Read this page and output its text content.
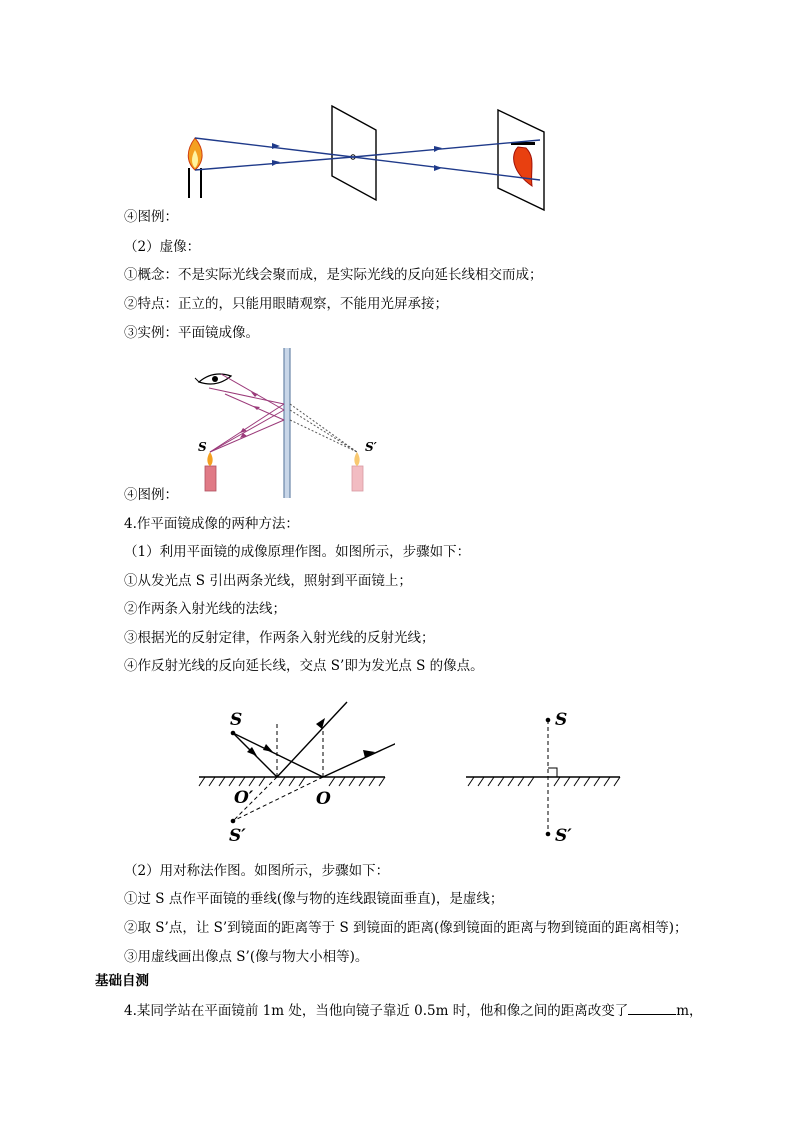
④图例：
（2）虚像：
①概念：不是实际光线会聚而成，是实际光线的反向延长线相交而成；
②特点：正立的，只能用眼睛观察，不能用光屏承接；
③实例：平面镜成像。
S	S′
④图例：
4.作平面镜成像的两种方法：
（1）利用平面镜的成像原理作图。如图所示，步骤如下：
①从发光点 S 引出两条光线，照射到平面镜上；
②作两条入射光线的法线；
③根据光的反射定律，作两条入射光线的反射光线；
④作反射光线的反向延长线，交点 S’即为发光点 S 的像点。
S
O′	O
S′
S
S′
（2）用对称法作图。如图所示，步骤如下：
①过 S 点作平面镜的垂线(像与物的连线跟镜面垂直)，是虚线；
②取 S’点，让 S’到镜面的距离等于 S 到镜面的距离(像到镜面的距离与物到镜面的距离相等)；
③用虚线画出像点 S’(像与物大小相等)。
基础自测
4.某同学站在平面镜前 1m 处，当他向镜子靠近 0.5m 时，他和像之间的距离改变了	m，
